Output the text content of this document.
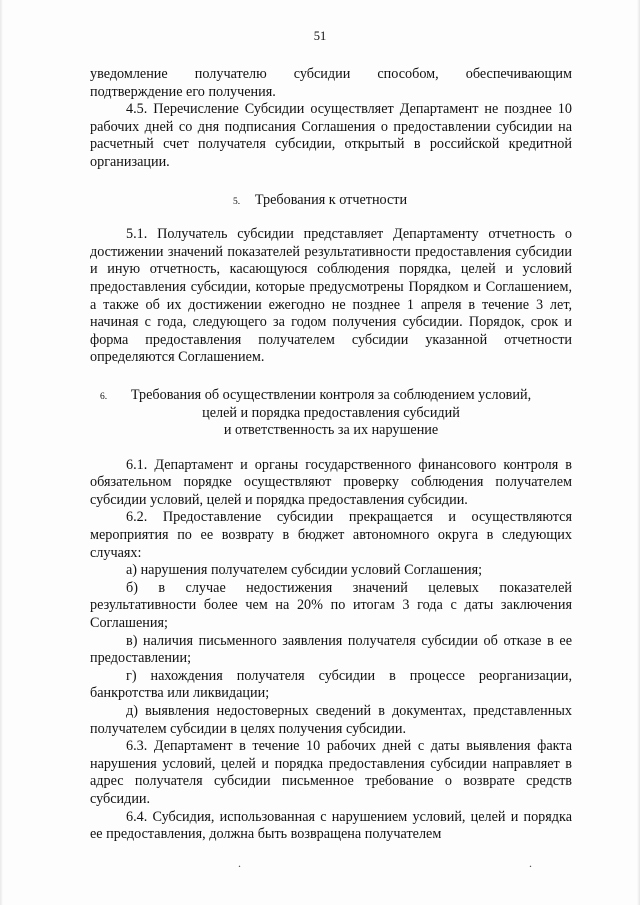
51

уведомление получателю субсидии способом, обеспечивающим подтверждение его получения.

4.5. Перечисление Субсидии осуществляет Департамент не позднее 10 рабочих дней со дня подписания Соглашения о предоставлении субсидии на расчетный счет получателя субсидии, открытый в российской кредитной организации.

5.	Требования к отчетности

5.1. Получатель субсидии представляет Департаменту отчетность о достижении значений показателей результативности предоставления субсидии и иную отчетность, касающуюся соблюдения порядка, целей и условий предоставления субсидии, которые предусмотрены Порядком и Соглашением, а также об их достижении ежегодно не позднее 1 апреля в течение 3 лет, начиная с года, следующего за годом получения субсидии. Порядок, срок и форма предоставления получателем субсидии указанной отчетности определяются Соглашением.

6.	Требования об осуществлении контроля за соблюдением условий,
целей и порядка предоставления субсидий
и ответственность за их нарушение

6.1. Департамент и органы государственного финансового контроля в обязательном порядке осуществляют проверку соблюдения получателем субсидии условий, целей и порядка предоставления субсидии.

6.2. Предоставление субсидии прекращается и осуществляются мероприятия по ее возврату в бюджет автономного округа в следующих случаях:

а) нарушения получателем субсидии условий Соглашения;

б) в случае недостижения значений целевых показателей результативности более чем на 20% по итогам 3 года с даты заключения Соглашения;

в) наличия письменного заявления получателя субсидии об отказе в ее предоставлении;

г) нахождения получателя субсидии в процессе реорганизации, банкротства или ликвидации;

д) выявления недостоверных сведений в документах, представленных получателем субсидии в целях получения субсидии.

6.3. Департамент в течение 10 рабочих дней с даты выявления факта нарушения условий, целей и порядка предоставления субсидии направляет в адрес получателя субсидии письменное требование о возврате средств субсидии.

6.4. Субсидия, использованная с нарушением условий, целей и порядка ее предоставления, должна быть возвращена получателем

.	.
